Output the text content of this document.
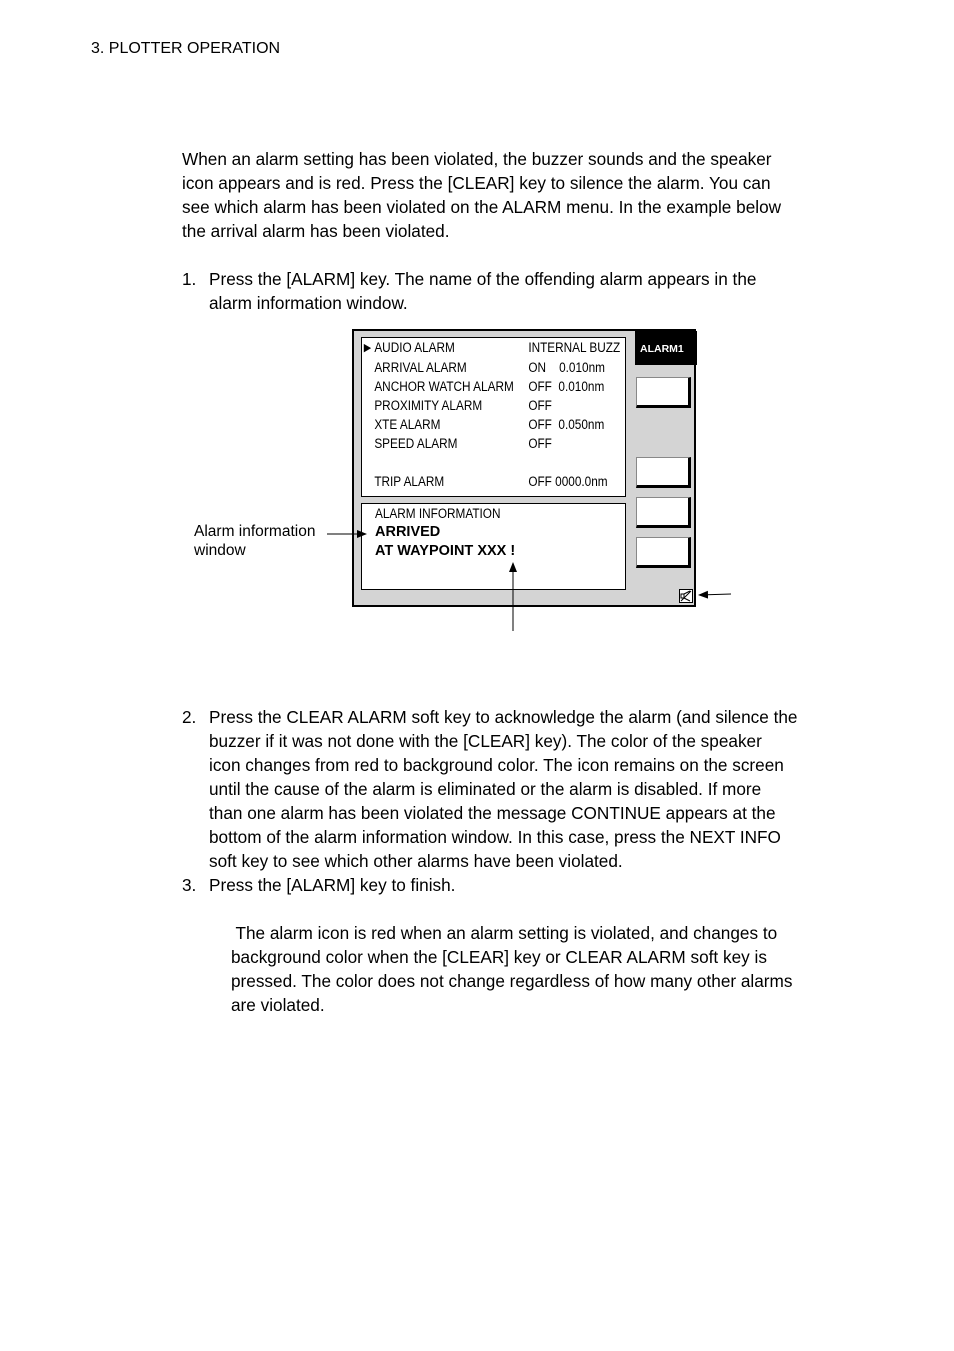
3. PLOTTER OPERATION
When an alarm setting has been violated, the buzzer sounds and the speaker
icon appears and is red. Press the [CLEAR] key to silence the alarm. You can
see which alarm has been violated on the ALARM menu. In the example below
the arrival alarm has been violated.
1. Press the [ALARM] key. The name of the offending alarm appears in the
alarm information window.
▶ AUDIO ALARM	INTERNAL BUZZ
ARRIVAL ALARM	ON    0.010nm
ANCHOR WATCH ALARM OFF  0.010nm
PROXIMITY ALARM	OFF
XTE ALARM	OFF  0.050nm
SPEED ALARM	OFF
TRIP ALARM	OFF 0000.0nm
ALARM INFORMATION
ARRIVED
AT WAYPOINT XXX !
ALARM1
Alarm information
window
2. Press the CLEAR ALARM soft key to acknowledge the alarm (and silence the
buzzer if it was not done with the [CLEAR] key). The color of the speaker
icon changes from red to background color. The icon remains on the screen
until the cause of the alarm is eliminated or the alarm is disabled. If more
than one alarm has been violated the message CONTINUE appears at the
bottom of the alarm information window. In this case, press the NEXT INFO
soft key to see which other alarms have been violated.
3. Press the [ALARM] key to finish.
The alarm icon is red when an alarm setting is violated, and changes to
background color when the [CLEAR] key or CLEAR ALARM soft key is
pressed. The color does not change regardless of how many other alarms
are violated.
